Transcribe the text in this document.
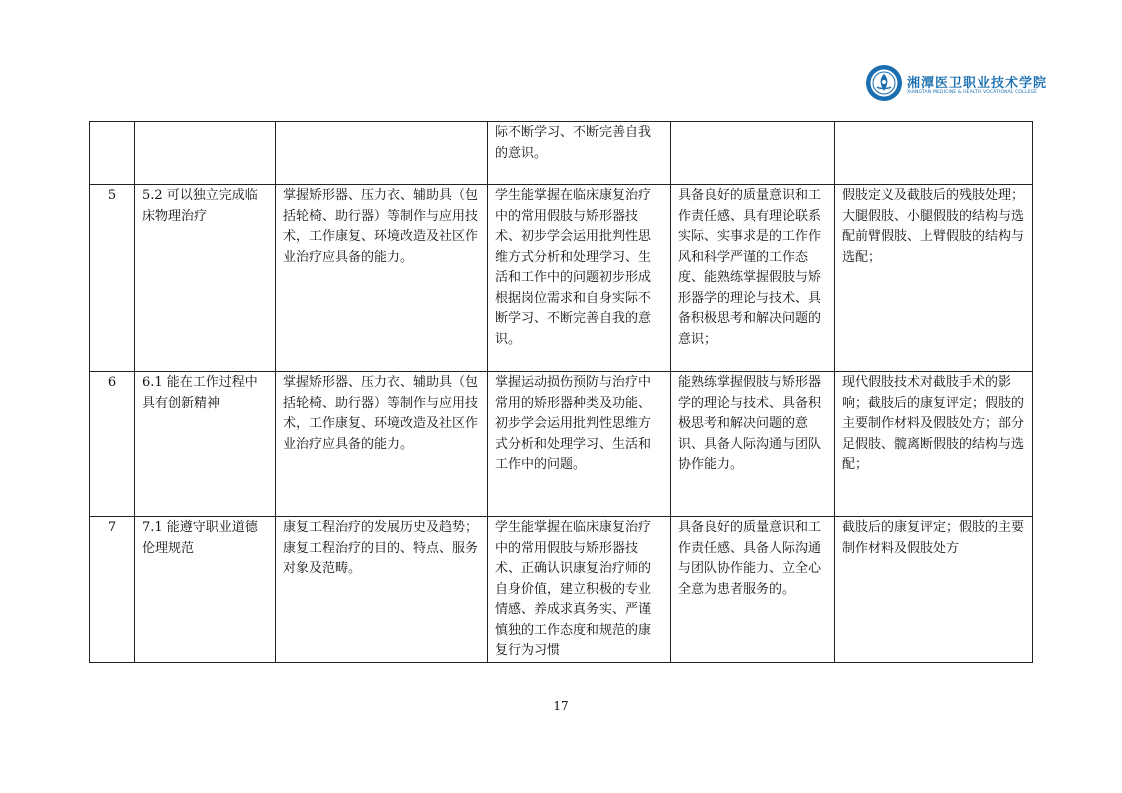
湘潭医卫职业技术学院
XIANGTAN MEDICINE & HEALTH VOCATIONAL COLLEGE
			际不断学习、不断完善自我的意识。		
5	5.2 可以独立完成临床物理治疗	掌握矫形器、压力衣、辅助具（包括轮椅、助行器）等制作与应用技术，工作康复、环境改造及社区作业治疗应具备的能力。	学生能掌握在临床康复治疗中的常用假肢与矫形器技术、初步学会运用批判性思维方式分析和处理学习、生活和工作中的问题初步形成根据岗位需求和自身实际不断学习、不断完善自我的意识。	具备良好的质量意识和工作责任感、具有理论联系实际、实事求是的工作作风和科学严谨的工作态度、能熟练掌握假肢与矫形器学的理论与技术、具备积极思考和解决问题的意识；	假肢定义及截肢后的残肢处理；大腿假肢、小腿假肢的结构与选配前臂假肢、上臂假肢的结构与选配；
6	6.1 能在工作过程中具有创新精神	掌握矫形器、压力衣、辅助具（包括轮椅、助行器）等制作与应用技术，工作康复、环境改造及社区作业治疗应具备的能力。	掌握运动损伤预防与治疗中常用的矫形器种类及功能、初步学会运用批判性思维方式分析和处理学习、生活和工作中的问题。	能熟练掌握假肢与矫形器学的理论与技术、具备积极思考和解决问题的意识、具备人际沟通与团队协作能力。	现代假肢技术对截肢手术的影响；截肢后的康复评定；假肢的主要制作材料及假肢处方；部分足假肢、髋离断假肢的结构与选配；
7	7.1 能遵守职业道德伦理规范	康复工程治疗的发展历史及趋势；康复工程治疗的目的、特点、服务对象及范畴。	学生能掌握在临床康复治疗中的常用假肢与矫形器技术、正确认识康复治疗师的自身价值，建立积极的专业情感、养成求真务实、严谨慎独的工作态度和规范的康复行为习惯	具备良好的质量意识和工作责任感、具备人际沟通与团队协作能力、立全心全意为患者服务的。	截肢后的康复评定；假肢的主要制作材料及假肢处方
17
